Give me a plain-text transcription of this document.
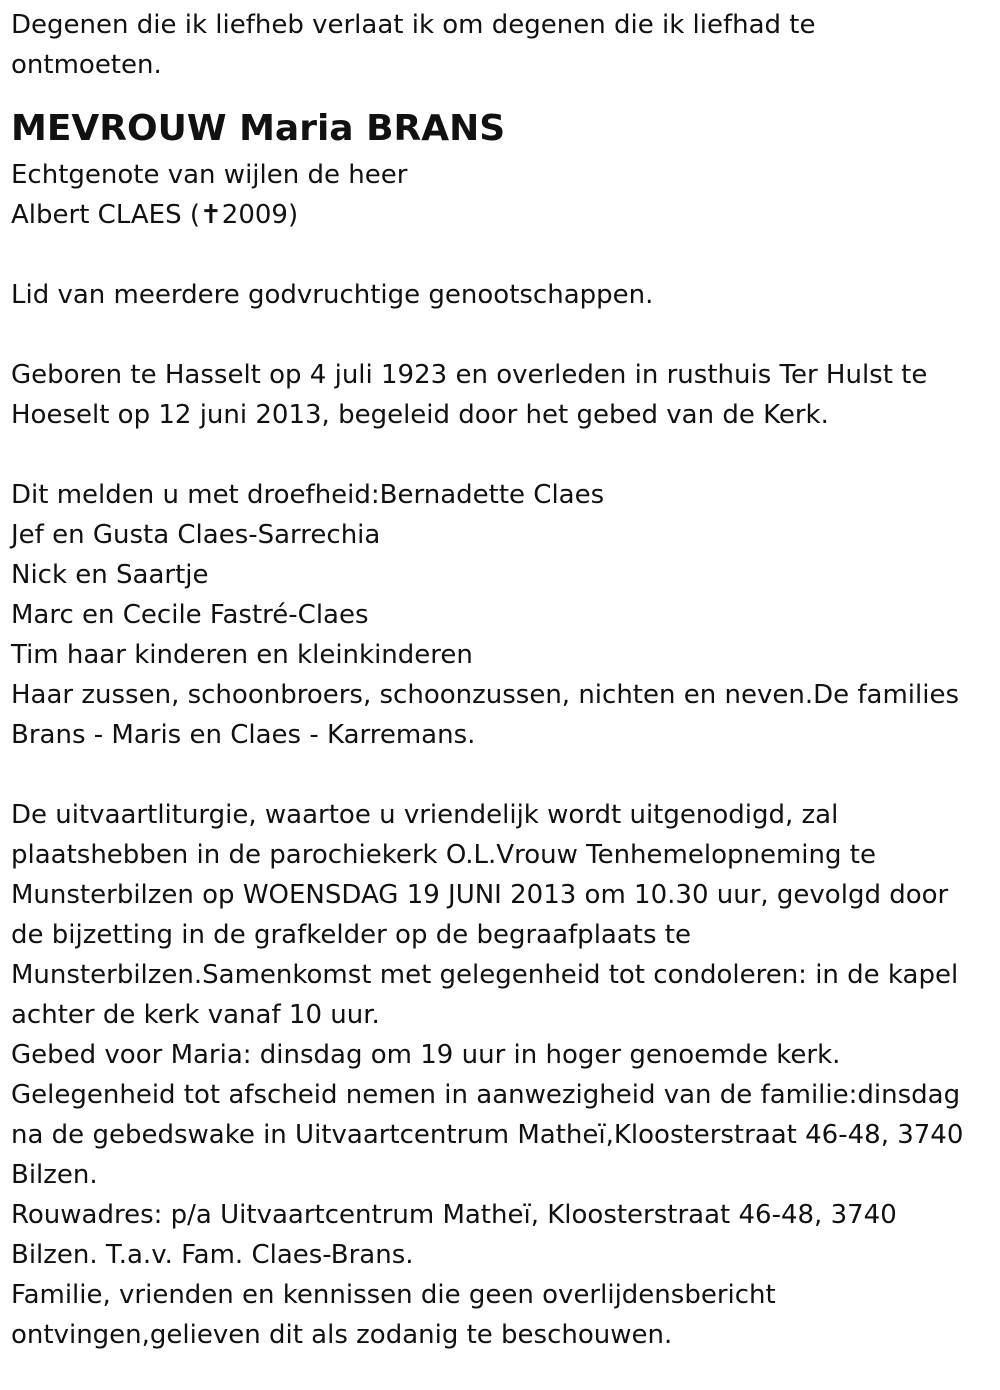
Degenen die ik liefheb verlaat ik om degenen die ik liefhad te

ontmoeten.

MEVROUW Maria BRANS

Echtgenote van wijlen de heer

Albert CLAES (✝2009)

Lid van meerdere godvruchtige genootschappen.

Geboren te Hasselt op 4 juli 1923 en overleden in rusthuis Ter Hulst te

Hoeselt op 12 juni 2013, begeleid door het gebed van de Kerk.

Dit melden u met droefheid:Bernadette Claes

Jef en Gusta Claes-Sarrechia

Nick en Saartje

Marc en Cecile Fastré-Claes

Tim haar kinderen en kleinkinderen

Haar zussen, schoonbroers, schoonzussen, nichten en neven.De families

Brans - Maris en Claes - Karremans.

De uitvaartliturgie, waartoe u vriendelijk wordt uitgenodigd, zal

plaatshebben in de parochiekerk O.L.Vrouw Tenhemelopneming te

Munsterbilzen op WOENSDAG 19 JUNI 2013 om 10.30 uur, gevolgd door

de bijzetting in de grafkelder op de begraafplaats te

Munsterbilzen.Samenkomst met gelegenheid tot condoleren: in de kapel

achter de kerk vanaf 10 uur.

Gebed voor Maria: dinsdag om 19 uur in hoger genoemde kerk.

Gelegenheid tot afscheid nemen in aanwezigheid van de familie:dinsdag

na de gebedswake in Uitvaartcentrum Matheï,Kloosterstraat 46-48, 3740

Bilzen.

Rouwadres: p/a Uitvaartcentrum Matheï, Kloosterstraat 46-48, 3740

Bilzen. T.a.v. Fam. Claes-Brans.

Familie, vrienden en kennissen die geen overlijdensbericht

ontvingen,gelieven dit als zodanig te beschouwen.
